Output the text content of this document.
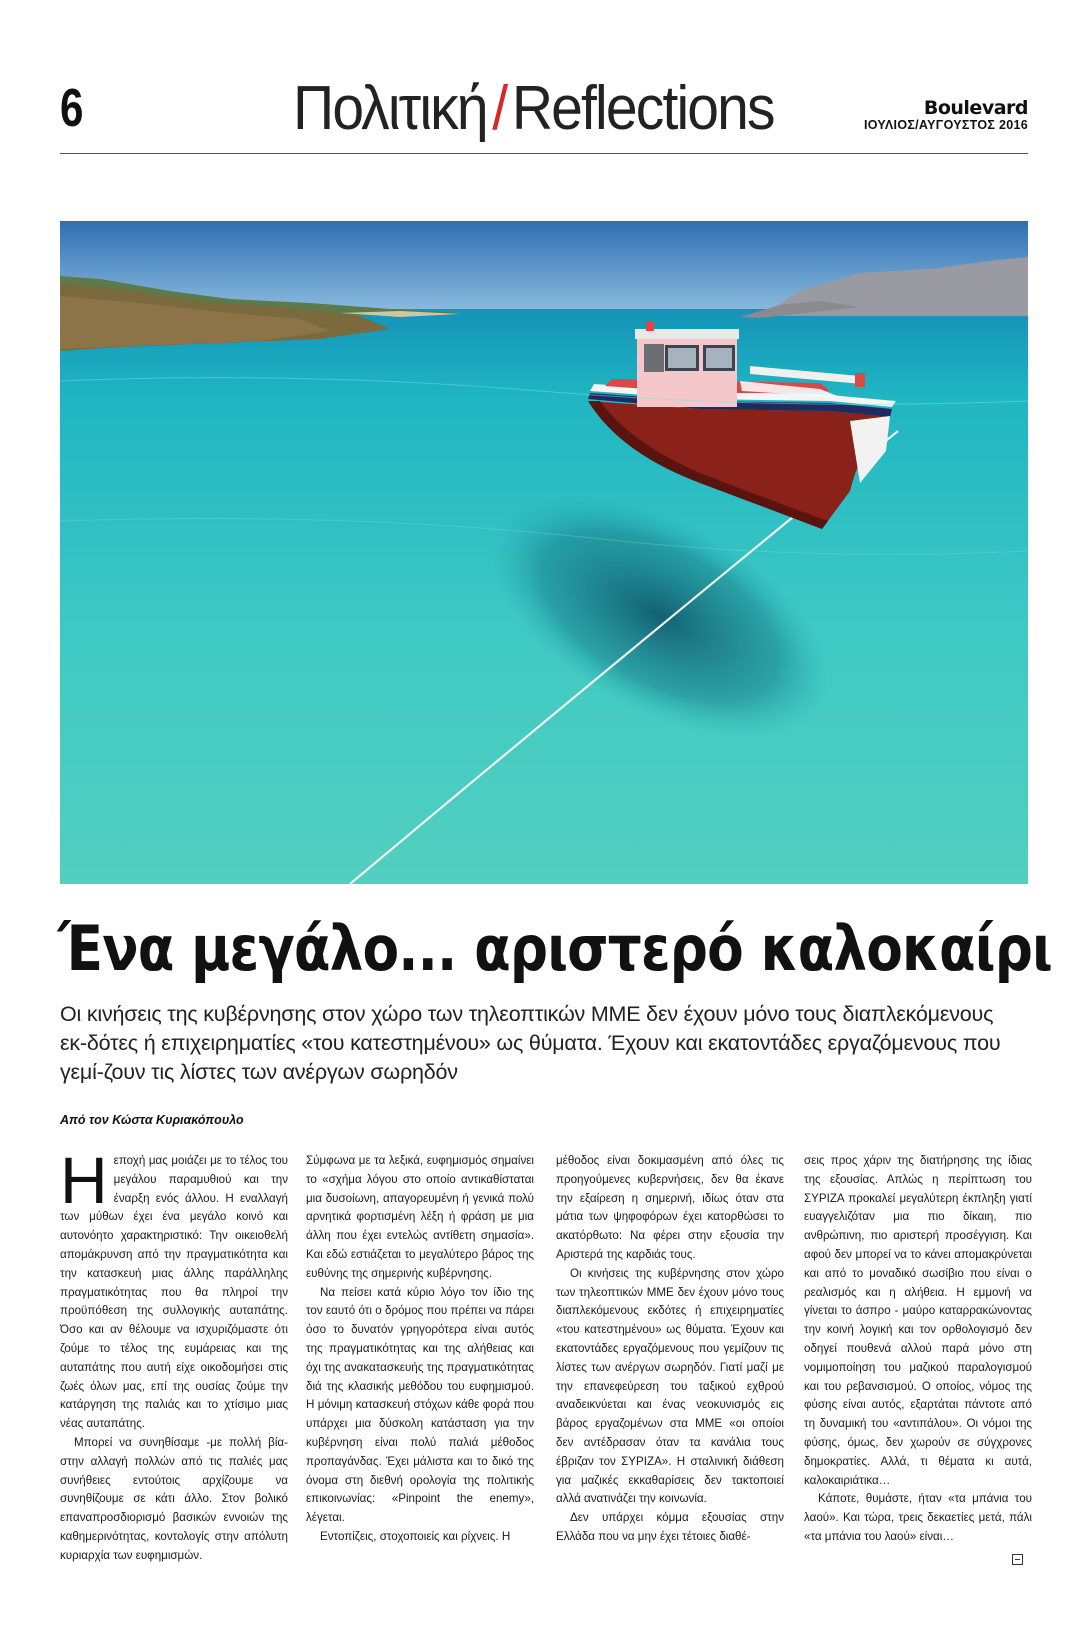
6	Πολιτική/Reflections	Boulevard
ΙΟΥΛΙΟΣ/ΑΥΓΟΥΣΤΟΣ 2016
Ένα μεγάλο... αριστερό καλοκαίρι

Οι κινήσεις της κυβέρνησης στον χώρο των τηλεοπτικών ΜΜΕ δεν έχουν μόνο τους διαπλεκόμενους εκ-δότες ή επιχειρηματίες «του κατεστημένου» ως θύματα. Έχουν και εκατοντάδες εργαζόμενους που γεμί-ζουν τις λίστες των ανέργων σωρηδόν

Από τον Κώστα Κυριακόπουλο

Ηεποχή μας μοιάζει με το τέλος του μεγάλου παραμυθιού και την έναρξη ενός άλλου. Η εναλλαγή των μύθων έχει ένα μεγάλο κοινό και αυτονόητο χαρακτηριστικό: Την οικειοθελή απομάκρυνση από την πραγματικότητα και την κατασκευή μιας άλλης παράλληλης πραγματικότητας που θα πληροί την προϋπόθεση της συλλογικής αυταπάτης. Όσο και αν θέλουμε να ισχυριζόμαστε ότι ζούμε το τέλος της ευμάρειας και της αυταπάτης που αυτή είχε οικοδομήσει στις ζωές όλων μας, επί της ουσίας ζούμε την κατάργηση της παλιάς και το χτίσιμο μιας νέας αυταπάτης.

Μπορεί να συνηθίσαμε -με πολλή βία- στην αλλαγή πολλών από τις παλιές μας συνήθειες εντούτοις αρχίζουμε να συνηθίζουμε σε κάτι άλλο. Στον βολικό επαναπροσδιορισμό βασικών εννοιών της καθημερινότητας, κοντολογίς στην απόλυτη κυριαρχία των ευφημισμών.

Σύμφωνα με τα λεξικά, ευφημισμός σημαίνει το «σχήμα λόγου στο οποίο αντικαθίσταται μια δυσοίωνη, απαγορευμένη ή γενικά πολύ αρνητικά φορτισμένη λέξη ή φράση με μια άλλη που έχει εντελώς αντίθετη σημασία». Και εδώ εστιάζεται το μεγαλύτερο βάρος της ευθύνης της σημερινής κυβέρνησης.

Να πείσει κατά κύριο λόγο τον ίδιο της τον εαυτό ότι ο δρόμος που πρέπει να πάρει όσο το δυνατόν γρηγορότερα είναι αυτός της πραγματικότητας και της αλήθειας και όχι της ανακατασκευής της πραγματικότητας διά της κλασικής μεθόδου του ευφημισμού. Η μόνιμη κατασκευή στόχων κάθε φορά που υπάρχει μια δύσκολη κατάσταση για την κυβέρνηση είναι πολύ παλιά μέθοδος προπαγάνδας. Έχει μάλιστα και το δικό της όνομα στη διεθνή ορολογία της πολιτικής επικοινωνίας: «Pinpoint the enemy», λέγεται.

Εντοπίζεις, στοχοποιείς και ρίχνεις. Η

μέθοδος είναι δοκιμασμένη από όλες τις προηγούμενες κυβερνήσεις, δεν θα έκανε την εξαίρεση η σημερινή, ιδίως όταν στα μάτια των ψηφοφόρων έχει κατορθώσει το ακατόρθωτο: Να φέρει στην εξουσία την Αριστερά της καρδιάς τους.

Οι κινήσεις της κυβέρνησης στον χώρο των τηλεοπτικών ΜΜΕ δεν έχουν μόνο τους διαπλεκόμενους εκδότες ή επιχειρηματίες «του κατεστημένου» ως θύματα. Έχουν και εκατοντάδες εργαζόμενους που γεμίζουν τις λίστες των ανέργων σωρηδόν. Γιατί μαζί με την επανεφεύρεση του ταξικού εχθρού αναδεικνύεται και ένας νεοκυνισμός εις βάρος εργαζομένων στα ΜΜΕ «οι οποίοι δεν αντέδρασαν όταν τα κανάλια τους έβριζαν τον ΣΥΡΙΖΑ». Η σταλινική διάθεση για μαζικές εκκαθαρίσεις δεν τακτοποιεί αλλά ανατινάζει την κοινωνία.

Δεν υπάρχει κόμμα εξουσίας στην Ελλάδα που να μην έχει τέτοιες διαθέ-

σεις προς χάριν της διατήρησης της ίδιας της εξουσίας. Απλώς η περίπτωση του ΣΥΡΙΖΑ προκαλεί μεγαλύτερη έκπληξη γιατί ευαγγελιζόταν μια πιο δίκαιη, πιο ανθρώπινη, πιο αριστερή προσέγγιση. Και αφού δεν μπορεί να το κάνει απομακρύνεται και από το μοναδικό σωσίβιο που είναι ο ρεαλισμός και η αλήθεια. Η εμμονή να γίνεται το άσπρο - μαύρο καταρρακώνοντας την κοινή λογική και τον ορθολογισμό δεν οδηγεί πουθενά αλλού παρά μόνο στη νομιμοποίηση του μαζικού παραλογισμού και του ρεβανσισμού. Ο οποίος, νόμος της φύσης είναι αυτός, εξαρτάται πάντοτε από τη δυναμική του «αντιπάλου». Οι νόμοι της φύσης, όμως, δεν χωρούν σε σύγχρονες δημοκρατίες. Αλλά, τι θέματα κι αυτά, καλοκαιριάτικα…

Κάποτε, θυμάστε, ήταν «τα μπάνια του λαού». Και τώρα, τρεις δεκαετίες μετά, πάλι «τα μπάνια του λαού» είναι…
